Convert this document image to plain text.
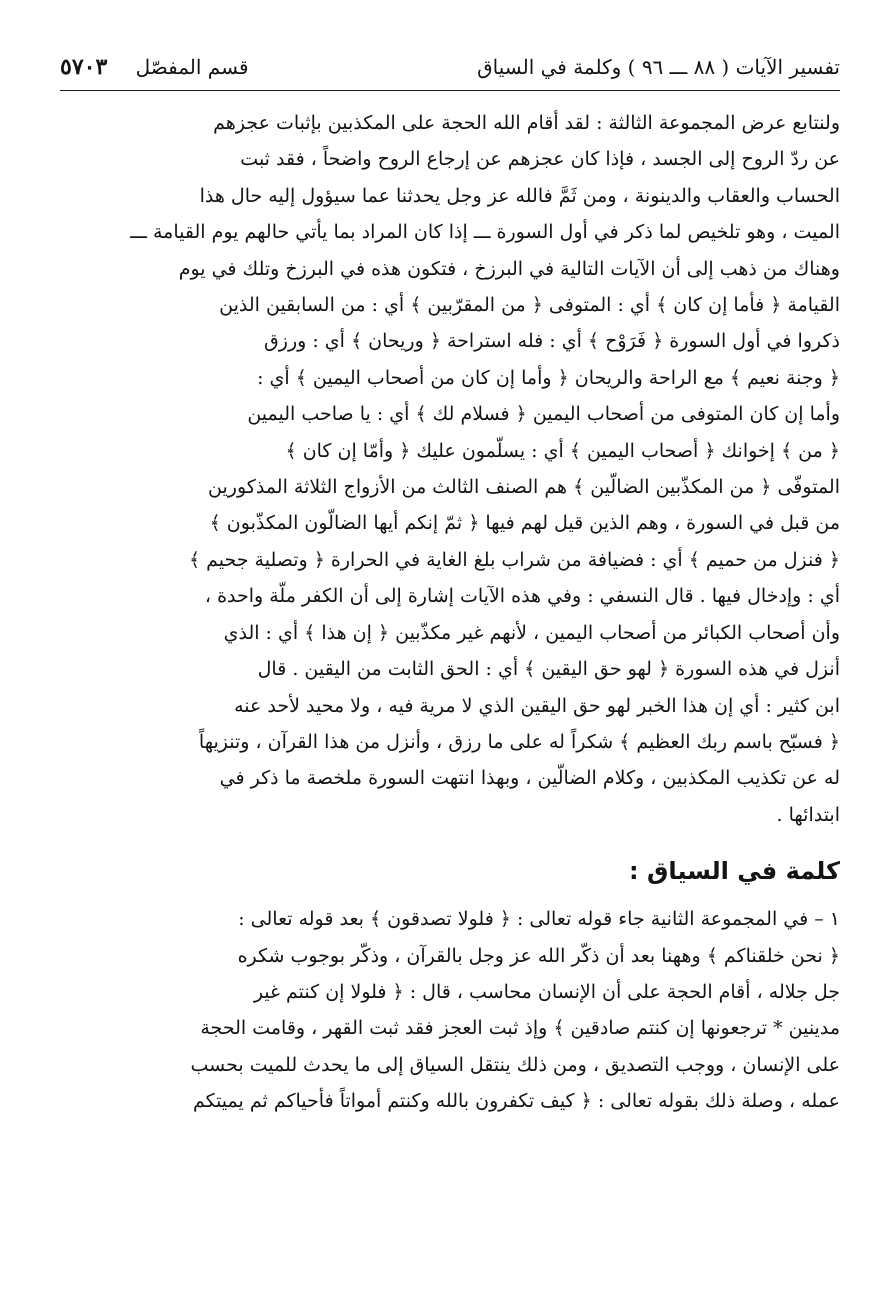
تفسير الآيات ( ٨٨ ـــ ٩٦ ) وكلمة في السياق
قسم المفصّل ٥٧٠٣
ولنتابع عرض المجموعة الثالثة : لقد أقام الله الحجة على المكذبين بإثبات عجزهم
عن ردّ الروح إلى الجسد ، فإذا كان عجزهم عن إرجاع الروح واضحاً ، فقد ثبت
الحساب والعقاب والدينونة ، ومن ثَمَّ فالله عز وجل يحدثنا عما سيؤول إليه حال هذا
الميت ، وهو تلخيص لما ذكر في أول السورة ـــ إذا كان المراد بما يأتي حالهم يوم القيامة ـــ
وهناك من ذهب إلى أن الآيات التالية في البرزخ ، فتكون هذه في البرزخ وتلك في يوم
القيامة ﴿ فأما إن كان ﴾ أي : المتوفى ﴿ من المقرّبين ﴾ أي : من السابقين الذين
ذكروا في أول السورة ﴿ فَرَوْح ﴾ أي : فله استراحة ﴿ وريحان ﴾ أي : ورزق
﴿ وجنة نعيم ﴾ مع الراحة والريحان ﴿ وأما إن كان من أصحاب اليمين ﴾ أي :
وأما إن كان المتوفى من أصحاب اليمين ﴿ فسلام لك ﴾ أي : يا صاحب اليمين
﴿ من ﴾ إخوانك ﴿ أصحاب اليمين ﴾ أي : يسلّمون عليك ﴿ وأمّا إن كان ﴾
المتوفّى ﴿ من المكذّبين الضالّين ﴾ هم الصنف الثالث من الأزواج الثلاثة المذكورين
من قبل في السورة ، وهم الذين قيل لهم فيها ﴿ ثمّ إنكم أيها الضالّون المكذّبون ﴾
﴿ فنزل من حميم ﴾ أي : فضيافة من شراب بلغ الغاية في الحرارة ﴿ وتصلية جحيم ﴾
أي : وإدخال فيها . قال النسفي : وفي هذه الآيات إشارة إلى أن الكفر ملّة واحدة ،
وأن أصحاب الكبائر من أصحاب اليمين ، لأنهم غير مكذّبين ﴿ إن هذا ﴾ أي : الذي
أنزل في هذه السورة ﴿ لهو حق اليقين ﴾ أي : الحق الثابت من اليقين . قال
ابن كثير : أي إن هذا الخبر لهو حق اليقين الذي لا مرية فيه ، ولا محيد لأحد عنه
﴿ فسبّح باسم ربك العظيم ﴾ شكراً له على ما رزق ، وأنزل من هذا القرآن ، وتنزيهاً
له عن تكذيب المكذبين ، وكلام الضالّين ، وبهذا انتهت السورة ملخصة ما ذكر في
ابتدائها .
كلمة في السياق :
١ – في المجموعة الثانية جاء قوله تعالى : ﴿ فلولا تصدقون ﴾ بعد قوله تعالى :
﴿ نحن خلقناكم ﴾ وههنا بعد أن ذكّر الله عز وجل بالقرآن ، وذكّر بوجوب شكره
جل جلاله ، أقام الحجة على أن الإنسان محاسب ، قال : ﴿ فلولا إن كنتم غير
مدينين * ترجعونها إن كنتم صادقين ﴾ وإذ ثبت العجز فقد ثبت القهر ، وقامت الحجة
على الإنسان ، ووجب التصديق ، ومن ذلك ينتقل السياق إلى ما يحدث للميت بحسب
عمله ، وصلة ذلك بقوله تعالى : ﴿ كيف تكفرون بالله وكنتم أمواتاً فأحياكم ثم يميتكم
